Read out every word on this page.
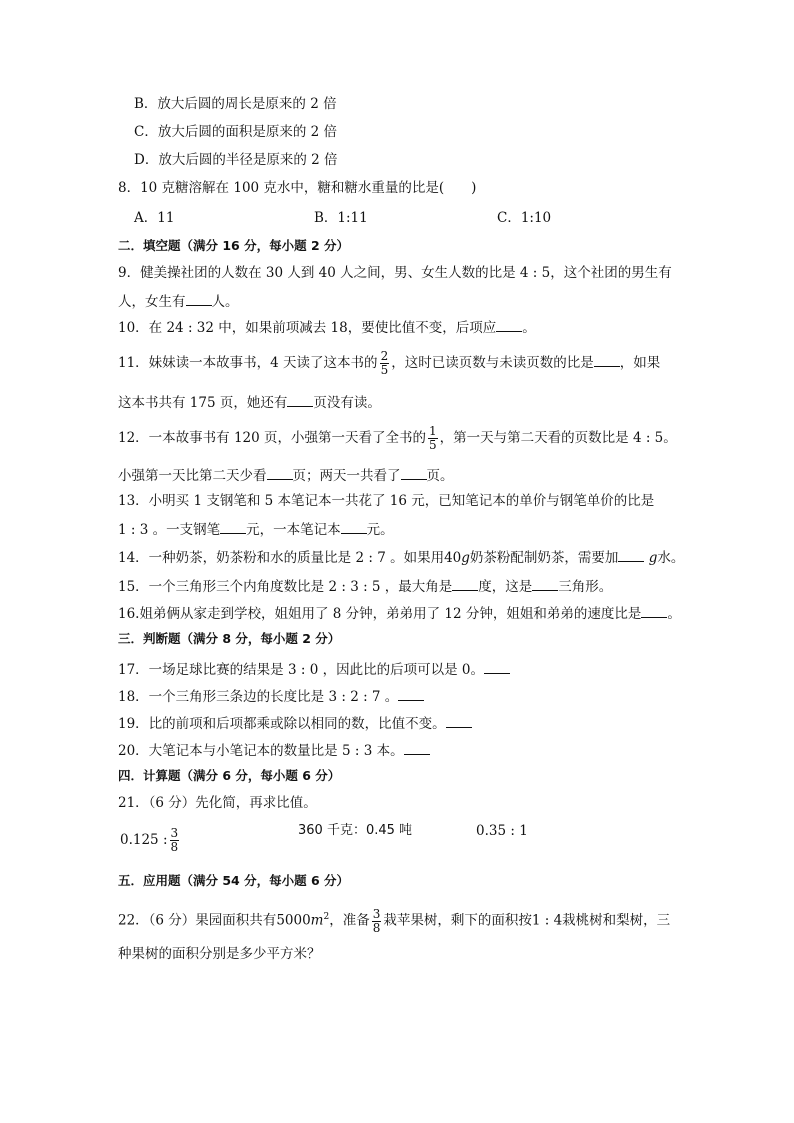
B．放大后圆的周长是原来的 2 倍
C．放大后圆的面积是原来的 2 倍
D．放大后圆的半径是原来的 2 倍
8．10 克糖溶解在 100 克水中，糖和糖水重量的比是(　　)
A．11	B．1:11	C．1:10
二．填空题（满分 16 分，每小题 2 分）
9．健美操社团的人数在 30 人到 40 人之间，男、女生人数的比是 4 : 5，这个社团的男生有
人，女生有 人。
10．在 24 : 32 中，如果前项减去 18，要使比值不变，后项应 。
11．妹妹读一本故事书，4 天读了这本书的 $\frac{2}{5}$ ，这时已读页数与未读页数的比是 ，如果
这本书共有 175 页，她还有 页没有读。
12．一本故事书有 120 页，小强第一天看了全书的 $\frac{1}{5}$ ，第一天与第二天看的页数比是 4 : 5。
小强第一天比第二天少看 页；两天一共看了 页。
13．小明买 1 支钢笔和 5 本笔记本一共花了 16 元，已知笔记本的单价与钢笔单价的比是
1 : 3 。一支钢笔 元，一本笔记本 元。
14．一种奶茶，奶茶粉和水的质量比是 2 : 7 。如果用40g奶茶粉配制奶茶，需要加 g水。
15．一个三角形三个内角度数比是 2 : 3 : 5 ，最大角是 度，这是 三角形。
16.姐弟俩从家走到学校，姐姐用了 8 分钟，弟弟用了 12 分钟，姐姐和弟弟的速度比是 。
三．判断题（满分 8 分，每小题 2 分）
17．一场足球比赛的结果是 3 : 0 ，因此比的后项可以是 0。
18．一个三角形三条边的长度比是 3 : 2 : 7 。
19．比的前项和后项都乘或除以相同的数，比值不变。
20．大笔记本与小笔记本的数量比是 5 : 3 本。
四．计算题（满分 6 分，每小题 6 分）
21．（6 分）先化简，再求比值。
0.125 : $\frac{3}{8}$	360 千克：0.45 吨	0.35 : 1
五．应用题（满分 54 分，每小题 6 分）
22．（6 分）果园面积共有$5000m^2$，准备 $\frac{3}{8}$ 栽苹果树，剩下的面积按1 : 4栽桃树和梨树，三
种果树的面积分别是多少平方米？
